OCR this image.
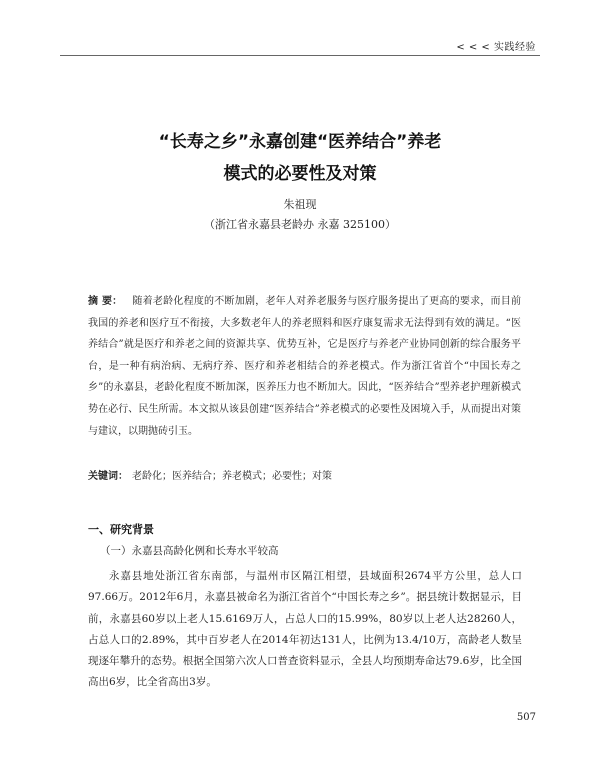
< < < 实践经验
“长寿之乡”永嘉创建“医养结合”养老
模式的必要性及对策
朱祖现
（浙江省永嘉县老龄办 永嘉 325100）
摘 要： 随着老龄化程度的不断加剧，老年人对养老服务与医疗服务提出了更高的要求，而目前我国的养老和医疗互不衔接，大多数老年人的养老照料和医疗康复需求无法得到有效的满足。“医养结合”就是医疗和养老之间的资源共享、优势互补，它是医疗与养老产业协同创新的综合服务平台，是一种有病治病、无病疗养、医疗和养老相结合的养老模式。作为浙江省首个“中国长寿之乡”的永嘉县，老龄化程度不断加深，医养压力也不断加大。因此，“医养结合”型养老护理新模式势在必行、民生所需。本文拟从该县创建“医养结合”养老模式的必要性及困境入手，从而提出对策与建议，以期抛砖引玉。
关键词： 老龄化；医养结合；养老模式；必要性；对策
一、研究背景
（一）永嘉县高龄化例和长寿水平较高

永嘉县地处浙江省东南部，与温州市区隔江相望，县域面积2674平方公里，总人口97.66万。2012年6月，永嘉县被命名为浙江省首个“中国长寿之乡”。据县统计数据显示，目前，永嘉县60岁以上老人15.6169万人，占总人口的15.99%，80岁以上老人达28260人，占总人口的2.89%，其中百岁老人在2014年初达131人，比例为13.4/10万，高龄老人数呈现逐年攀升的态势。根据全国第六次人口普查资料显示，全县人均预期寿命达79.6岁，比全国高出6岁，比全省高出3岁。

507
